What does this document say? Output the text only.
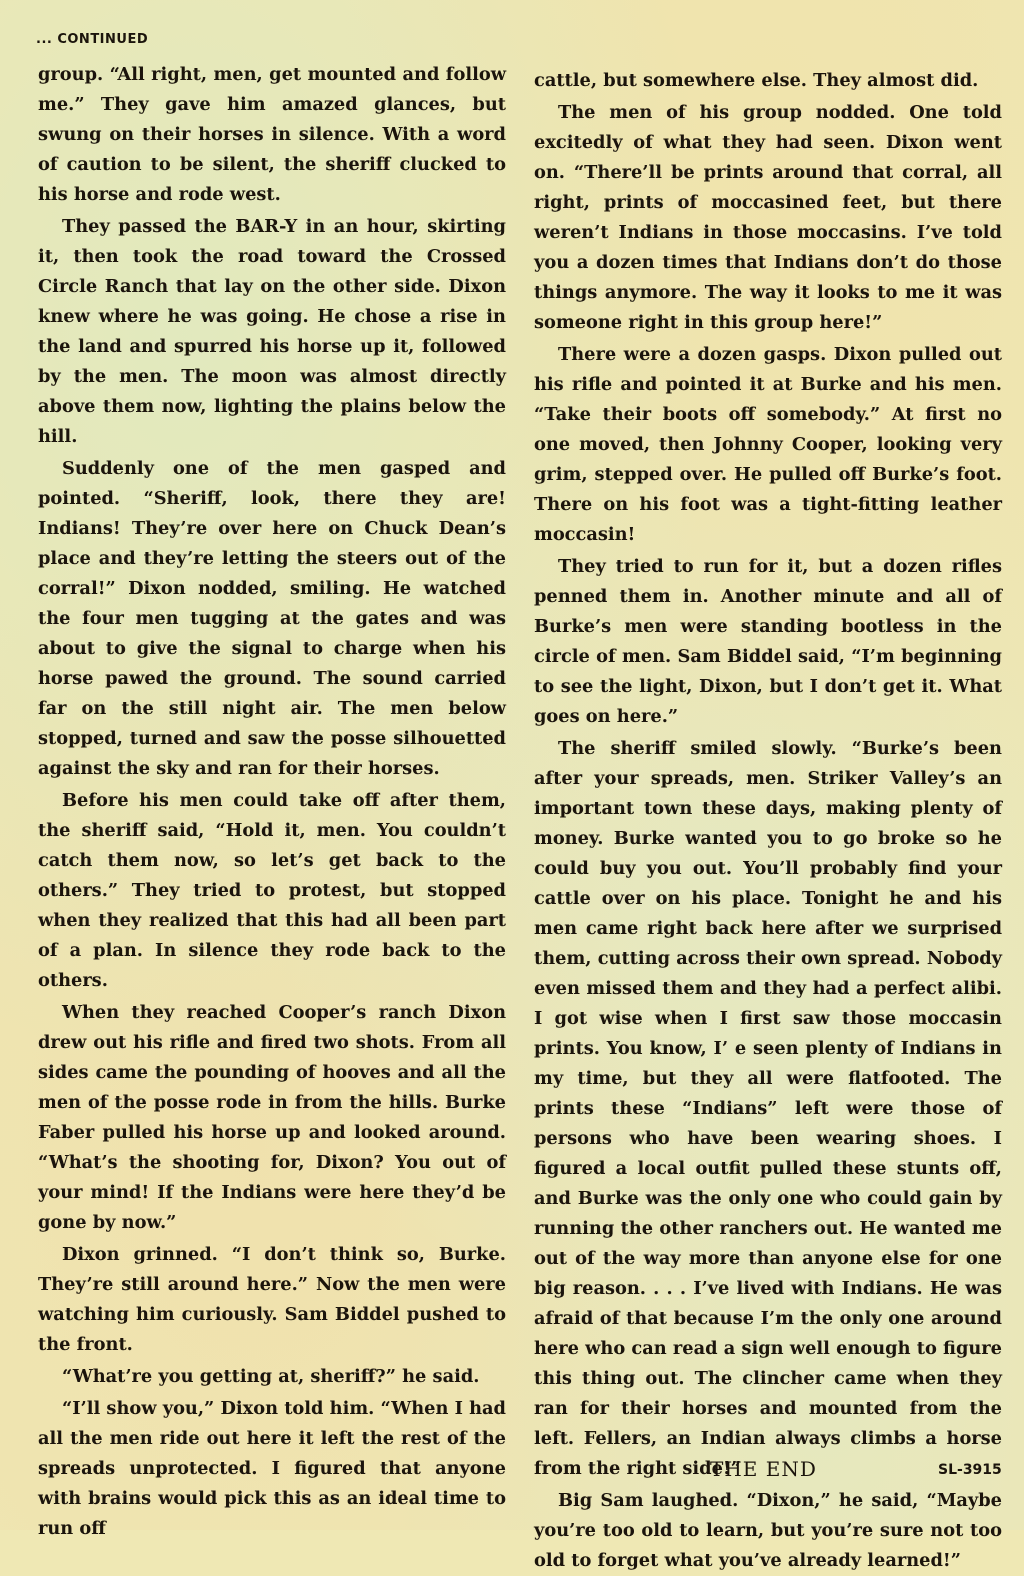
... CONTINUED

group. “All right, men, get mounted and follow me.” They gave him amazed glances, but swung on their horses in silence. With a word of caution to be silent, the sheriff clucked to his horse and rode west.

They passed the BAR-Y in an hour, skirting it, then took the road toward the Crossed Circle Ranch that lay on the other side. Dixon knew where he was going. He chose a rise in the land and spurred his horse up it, followed by the men. The moon was almost directly above them now, lighting the plains below the hill.

Suddenly one of the men gasped and pointed. “Sheriff, look, there they are! Indians! They’re over here on Chuck Dean’s place and they’re letting the steers out of the corral!” Dixon nodded, smiling. He watched the four men tugging at the gates and was about to give the signal to charge when his horse pawed the ground. The sound carried far on the still night air. The men below stopped, turned and saw the posse silhouetted against the sky and ran for their horses.

Before his men could take off after them, the sheriff said, “Hold it, men. You couldn’t catch them now, so let’s get back to the others.” They tried to protest, but stopped when they realized that this had all been part of a plan. In silence they rode back to the others.

When they reached Cooper’s ranch Dixon drew out his rifle and fired two shots. From all sides came the pounding of hooves and all the men of the posse rode in from the hills. Burke Faber pulled his horse up and looked around. “What’s the shooting for, Dixon? You out of your mind! If the Indians were here they’d be gone by now.”

Dixon grinned. “I don’t think so, Burke. They’re still around here.” Now the men were watching him curiously. Sam Biddel pushed to the front.

“What’re you getting at, sheriff?” he said.

“I’ll show you,” Dixon told him. “When I had all the men ride out here it left the rest of the spreads unprotected. I figured that anyone with brains would pick this as an ideal time to run off

cattle, but somewhere else. They almost did.

The men of his group nodded. One told excitedly of what they had seen. Dixon went on. “There’ll be prints around that corral, all right, prints of moccasined feet, but there weren’t Indians in those moccasins. I’ve told you a dozen times that Indians don’t do those things anymore. The way it looks to me it was someone right in this group here!”

There were a dozen gasps. Dixon pulled out his rifle and pointed it at Burke and his men. “Take their boots off somebody.” At first no one moved, then Johnny Cooper, looking very grim, stepped over. He pulled off Burke’s foot. There on his foot was a tight-fitting leather moccasin!

They tried to run for it, but a dozen rifles penned them in. Another minute and all of Burke’s men were standing bootless in the circle of men. Sam Biddel said, “I’m beginning to see the light, Dixon, but I don’t get it. What goes on here.”

The sheriff smiled slowly. “Burke’s been after your spreads, men. Striker Valley’s an important town these days, making plenty of money. Burke wanted you to go broke so he could buy you out. You’ll probably find your cattle over on his place. Tonight he and his men came right back here after we surprised them, cutting across their own spread. Nobody even missed them and they had a perfect alibi. I got wise when I first saw those moccasin prints. You know, I’ e seen plenty of Indians in my time, but they all were flatfooted. The prints these “Indians” left were those of persons who have been wearing shoes. I figured a local outfit pulled these stunts off, and Burke was the only one who could gain by running the other ranchers out. He wanted me out of the way more than anyone else for one big reason. . . . I’ve lived with Indians. He was afraid of that because I’m the only one around here who can read a sign well enough to figure this thing out. The clincher came when they ran for their horses and mounted from the left. Fellers, an Indian always climbs a horse from the right side!”

Big Sam laughed. “Dixon,” he said, “Maybe you’re too old to learn, but you’re sure not too old to forget what you’ve already learned!”

THE END	SL-3915
